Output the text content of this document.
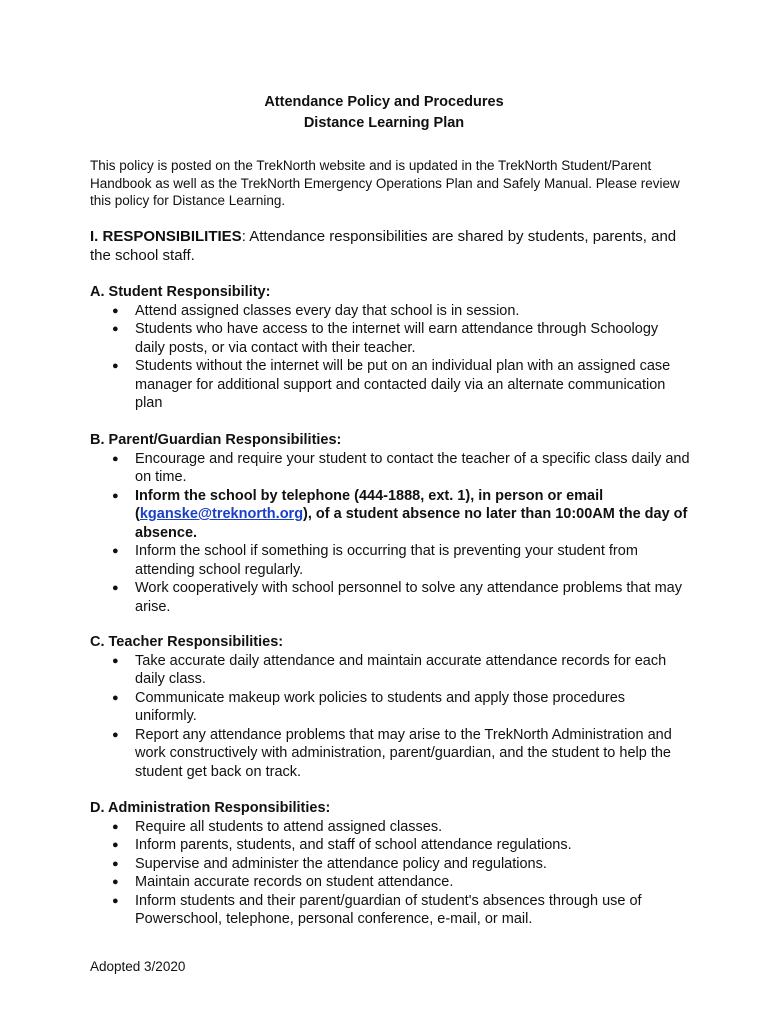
Attendance Policy and Procedures
Distance Learning Plan
This policy is posted on the TrekNorth website and is updated in the TrekNorth Student/Parent Handbook as well as the TrekNorth Emergency Operations Plan and Safely Manual. Please review this policy for Distance Learning.
I. RESPONSIBILITIES: Attendance responsibilities are shared by students, parents, and the school staff.

A. Student Responsibility:

● Attend assigned classes every day that school is in session.
● Students who have access to the internet will earn attendance through Schoology daily posts, or via contact with their teacher.
● Students without the internet will be put on an individual plan with an assigned case manager for additional support and contacted daily via an alternate communication plan

B. Parent/Guardian Responsibilities:

● Encourage and require your student to contact the teacher of a specific class daily and on time.
● Inform the school by telephone (444-1888, ext. 1), in person or email (kganske@treknorth.org), of a student absence no later than 10:00AM the day of absence.
● Inform the school if something is occurring that is preventing your student from attending school regularly.
● Work cooperatively with school personnel to solve any attendance problems that may arise.

C. Teacher Responsibilities:

● Take accurate daily attendance and maintain accurate attendance records for each daily class.
● Communicate makeup work policies to students and apply those procedures uniformly.
● Report any attendance problems that may arise to the TrekNorth Administration and work constructively with administration, parent/guardian, and the student to help the student get back on track.

D. Administration Responsibilities:

● Require all students to attend assigned classes.
● Inform parents, students, and staff of school attendance regulations.
● Supervise and administer the attendance policy and regulations.
● Maintain accurate records on student attendance.
● Inform students and their parent/guardian of student's absences through use of Powerschool, telephone, personal conference, e-mail, or mail.
Adopted 3/2020
